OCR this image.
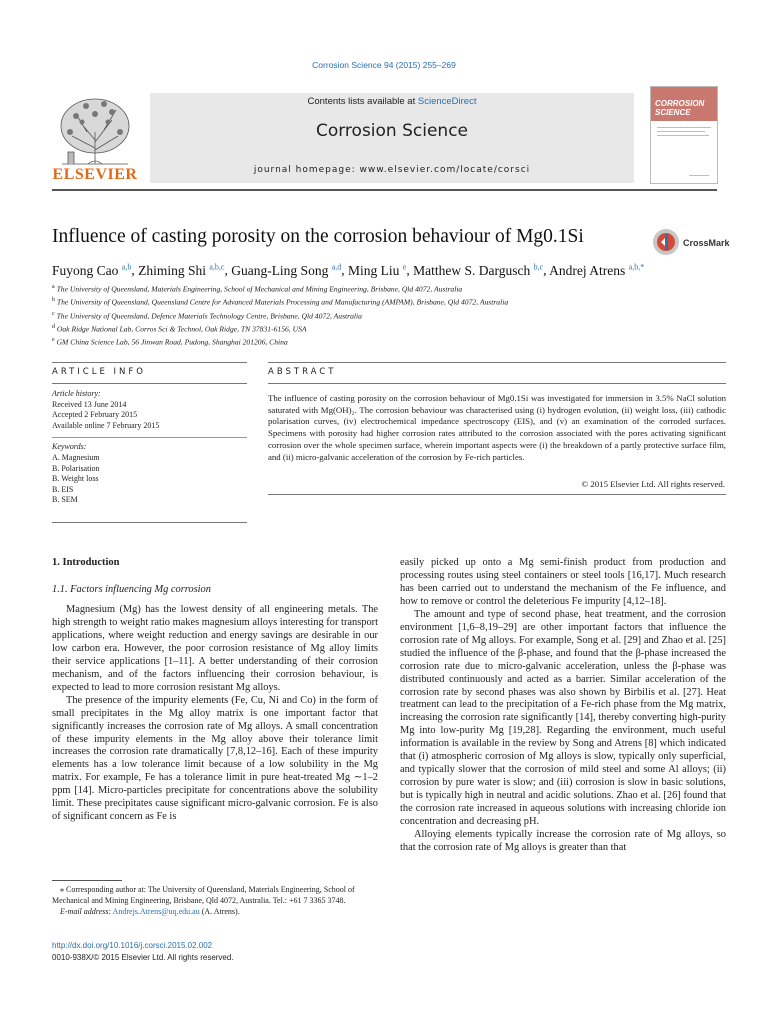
Corrosion Science 94 (2015) 255–269
ELSEVIER
Contents lists available at ScienceDirect
Corrosion Science
journal homepage: www.elsevier.com/locate/corsci
CORROSION SCIENCE
Influence of casting porosity on the corrosion behaviour of Mg0.1Si	CrossMark
Fuyong Cao $^{a,b}$, Zhiming Shi $^{a,b,c}$, Guang-Ling Song $^{a,d}$, Ming Liu $^e$, Matthew S. Dargusch $^{b,c}$, Andrej Atrens $^{a,b,*}$
$^a$ The University of Queensland, Materials Engineering, School of Mechanical and Mining Engineering, Brisbane, Qld 4072, Australia
$^b$ The University of Queensland, Queensland Centre for Advanced Materials Processing and Manufacturing (AMPAM), Brisbane, Qld 4072, Australia
$^c$ The University of Queensland, Defence Materials Technology Centre, Brisbane, Qld 4072, Australia
$^d$ Oak Ridge National Lab, Corros Sci & Technol, Oak Ridge, TN 37831-6156, USA
$^e$ GM China Science Lab, 56 Jinwan Road, Pudong, Shanghai 201206, China
ARTICLE INFO	ABSTRACT
Article history:
Received 13 June 2014
Accepted 2 February 2015
Available online 7 February 2015
Keywords:
A. Magnesium
B. Polarisation
B. Weight loss
B. EIS
B. SEM
The influence of casting porosity on the corrosion behaviour of Mg0.1Si was investigated for immersion in 3.5% NaCl solution saturated with Mg(OH)₂. The corrosion behaviour was characterised using (i) hydrogen evolution, (ii) weight loss, (iii) cathodic polarisation curves, (iv) electrochemical impedance spectroscopy (EIS), and (v) an examination of the corroded surfaces. Specimens with porosity had higher corrosion rates attributed to the corrosion associated with the pores activating significant corrosion over the whole specimen surface, wherein important aspects were (i) the breakdown of a partly protective surface film, and (ii) micro-galvanic acceleration of the corrosion by Fe-rich particles.
© 2015 Elsevier Ltd. All rights reserved.
1. Introduction
1.1. Factors influencing Mg corrosion

Magnesium (Mg) has the lowest density of all engineering metals. The high strength to weight ratio makes magnesium alloys interesting for transport applications, where weight reduction and energy savings are desirable in our low carbon era. However, the poor corrosion resistance of Mg alloy limits their service applications [1–11]. A better understanding of their corrosion mechanism, and of the factors influencing their corrosion behaviour, is expected to lead to more corrosion resistant Mg alloys.

The presence of the impurity elements (Fe, Cu, Ni and Co) in the form of small precipitates in the Mg alloy matrix is one important factor that significantly increases the corrosion rate of Mg alloys. A small concentration of these impurity elements in the Mg alloy above their tolerance limit increases the corrosion rate dramatically [7,8,12–16]. Each of these impurity elements has a low tolerance limit because of a low solubility in the Mg matrix. For example, Fe has a tolerance limit in pure heat-treated Mg ∼1–2 ppm [14]. Micro-particles precipitate for concentrations above the solubility limit. These precipitates cause significant micro-galvanic corrosion. Fe is also of significant concern as Fe is

easily picked up onto a Mg semi-finish product from production and processing routes using steel containers or steel tools [16,17]. Much research has been carried out to understand the mechanism of the Fe influence, and how to remove or control the deleterious Fe impurity [4,12–18].

The amount and type of second phase, heat treatment, and the corrosion environment [1,6–8,19–29] are other important factors that influence the corrosion rate of Mg alloys. For example, Song et al. [29] and Zhao et al. [25] studied the influence of the β-phase, and found that the β-phase increased the corrosion rate due to micro-galvanic acceleration, unless the β-phase was distributed continuously and acted as a barrier. Similar acceleration of the corrosion rate by second phases was also shown by Birbilis et al. [27]. Heat treatment can lead to the precipitation of a Fe-rich phase from the Mg matrix, increasing the corrosion rate significantly [14], thereby converting high-purity Mg into low-purity Mg [19,28]. Regarding the environment, much useful information is available in the review by Song and Atrens [8] which indicated that (i) atmospheric corrosion of Mg alloys is slow, typically only superficial, and typically slower that the corrosion of mild steel and some Al alloys; (ii) corrosion by pure water is slow; and (iii) corrosion is slow in basic solutions, but is typically high in neutral and acidic solutions. Zhao et al. [26] found that the corrosion rate increased in aqueous solutions with increasing chloride ion concentration and decreasing pH.

Alloying elements typically increase the corrosion rate of Mg alloys, so that the corrosion rate of Mg alloys is greater than that

⁎ Corresponding author at: The University of Queensland, Materials Engineering, School of Mechanical and Mining Engineering, Brisbane, Qld 4072, Australia. Tel.: +61 7 3365 3748.
E-mail address: Andrejs.Atrens@uq.edu.au (A. Atrens).
http://dx.doi.org/10.1016/j.corsci.2015.02.002
0010-938X/© 2015 Elsevier Ltd. All rights reserved.
